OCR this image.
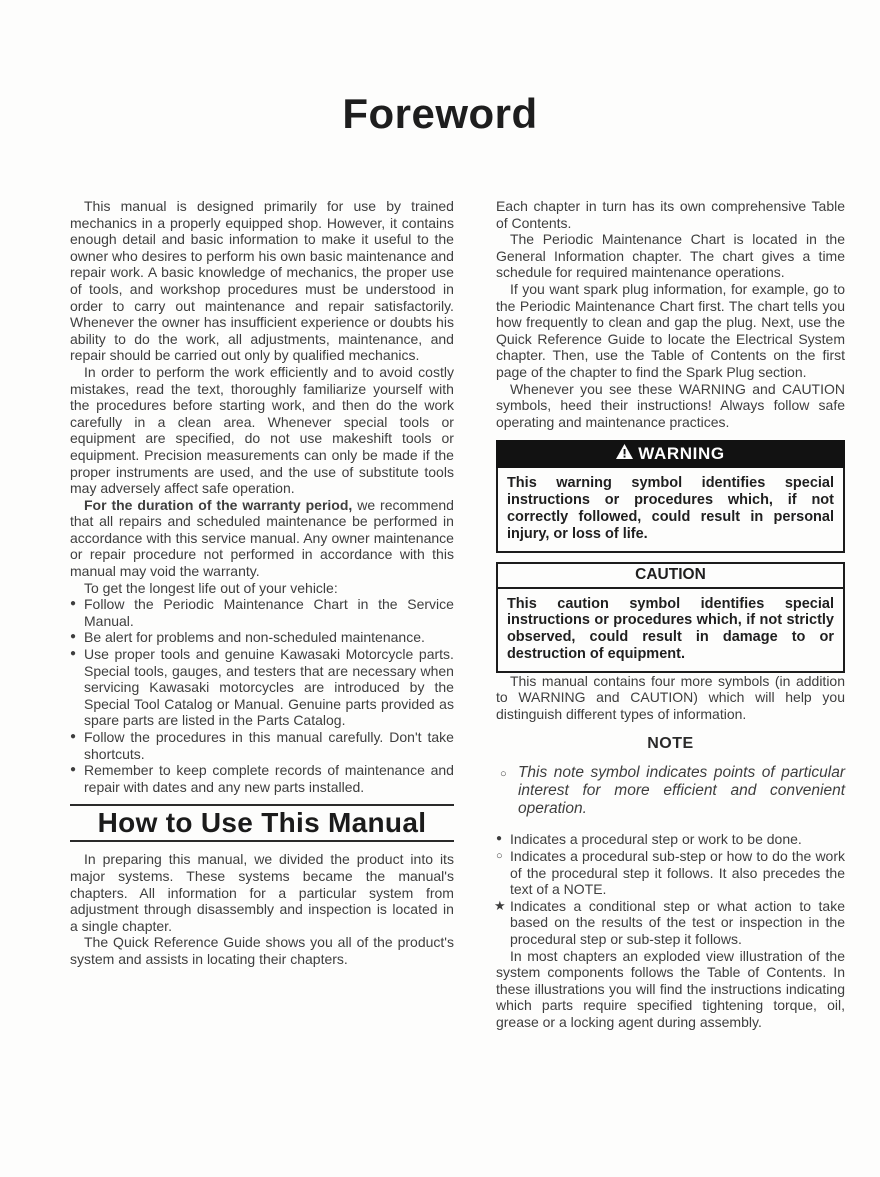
Foreword

This manual is designed primarily for use by trained mechanics in a properly equipped shop. However, it contains enough detail and basic information to make it useful to the owner who desires to perform his own basic maintenance and repair work. A basic knowledge of mechanics, the proper use of tools, and workshop procedures must be understood in order to carry out maintenance and repair satisfactorily. Whenever the owner has insufficient experience or doubts his ability to do the work, all adjustments, maintenance, and repair should be carried out only by qualified mechanics.

In order to perform the work efficiently and to avoid costly mistakes, read the text, thoroughly familiarize yourself with the procedures before starting work, and then do the work carefully in a clean area. Whenever special tools or equipment are specified, do not use makeshift tools or equipment. Precision measurements can only be made if the proper instruments are used, and the use of substitute tools may adversely affect safe operation.

For the duration of the warranty period, we recommend that all repairs and scheduled maintenance be performed in accordance with this service manual. Any owner maintenance or repair procedure not performed in accordance with this manual may void the warranty.

To get the longest life out of your vehicle:

● Follow the Periodic Maintenance Chart in the Service Manual.
● Be alert for problems and non-scheduled maintenance.
● Use proper tools and genuine Kawasaki Motorcycle parts. Special tools, gauges, and testers that are necessary when servicing Kawasaki motorcycles are introduced by the Special Tool Catalog or Manual. Genuine parts provided as spare parts are listed in the Parts Catalog.
● Follow the procedures in this manual carefully. Don't take shortcuts.
● Remember to keep complete records of maintenance and repair with dates and any new parts installed.
How to Use This Manual

In preparing this manual, we divided the product into its major systems. These systems became the manual's chapters. All information for a particular system from adjustment through disassembly and inspection is located in a single chapter.

The Quick Reference Guide shows you all of the product's system and assists in locating their chapters.

Each chapter in turn has its own comprehensive Table of Contents.

The Periodic Maintenance Chart is located in the General Information chapter. The chart gives a time schedule for required maintenance operations.

If you want spark plug information, for example, go to the Periodic Maintenance Chart first. The chart tells you how frequently to clean and gap the plug. Next, use the Quick Reference Guide to locate the Electrical System chapter. Then, use the Table of Contents on the first page of the chapter to find the Spark Plug section.

Whenever you see these WARNING and CAUTION symbols, heed their instructions! Always follow safe operating and maintenance practices.

WARNING
This warning symbol identifies special instructions or procedures which, if not correctly followed, could result in personal injury, or loss of life.
CAUTION
This caution symbol identifies special instructions or procedures which, if not strictly observed, could result in damage to or destruction of equipment.

This manual contains four more symbols (in addition to WARNING and CAUTION) which will help you distinguish different types of information.

NOTE
○ This note symbol indicates points of particular interest for more efficient and convenient operation.
● Indicates a procedural step or work to be done.
○ Indicates a procedural sub-step or how to do the work of the procedural step it follows. It also precedes the text of a NOTE.
★ Indicates a conditional step or what action to take based on the results of the test or inspection in the procedural step or sub-step it follows.

In most chapters an exploded view illustration of the system components follows the Table of Contents. In these illustrations you will find the instructions indicating which parts require specified tightening torque, oil, grease or a locking agent during assembly.
